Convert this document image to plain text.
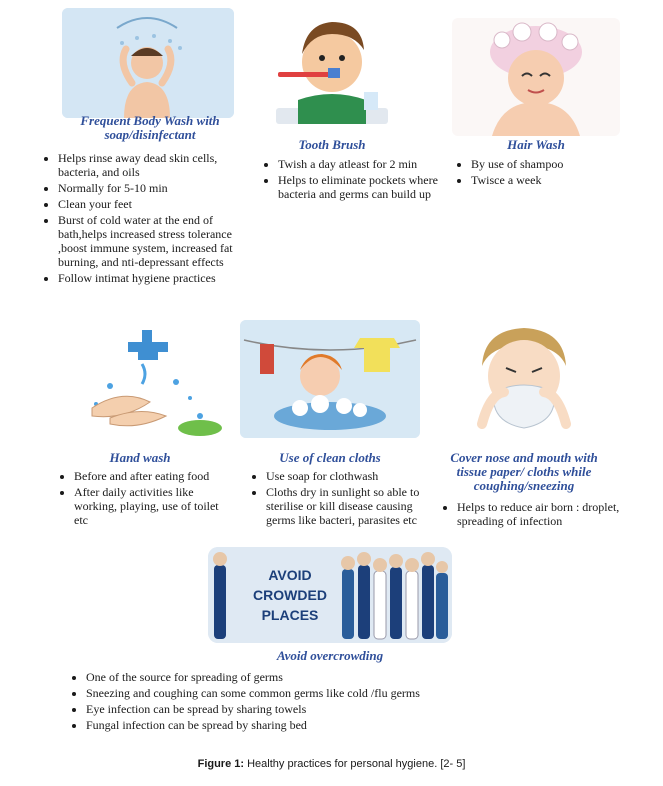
Frequent Body Wash with soap/disinfectant
Tooth Brush	Hair Wash
• Helps rinse away dead skin cells, bacteria, and oils
• Normally for 5-10 min
• Clean your feet
• Burst of cold water at the end of bath,helps increased stress tolerance ,boost immune system, increased fat burning, and nti-depressant effects
• Follow intimat hygiene practices
• Twish a day atleast for 2 min
• Helps to eliminate pockets where bacteria and germs can build up
• By use of shampoo
• Twisce a week
Hand wash	Use of clean cloths	Cover nose and mouth with tissue paper/ cloths while coughing/sneezing
• Before and after eating food
• After daily activities like working, playing, use of toilet etc
• Use soap for clothwash
• Cloths dry in sunlight so able to sterilise or kill disease causing germs like bacteri, parasites etc
• Helps to reduce air born : droplet, spreading of infection
AVOID CROWDED PLACES
Avoid overcrowding
• One of the source for spreading of germs
• Sneezing and coughing can some common germs like cold /flu germs
• Eye infection can be spread by sharing towels
• Fungal infection can be spread by sharing bed
Figure 1: Healthy practices for personal hygiene. [2- 5]
